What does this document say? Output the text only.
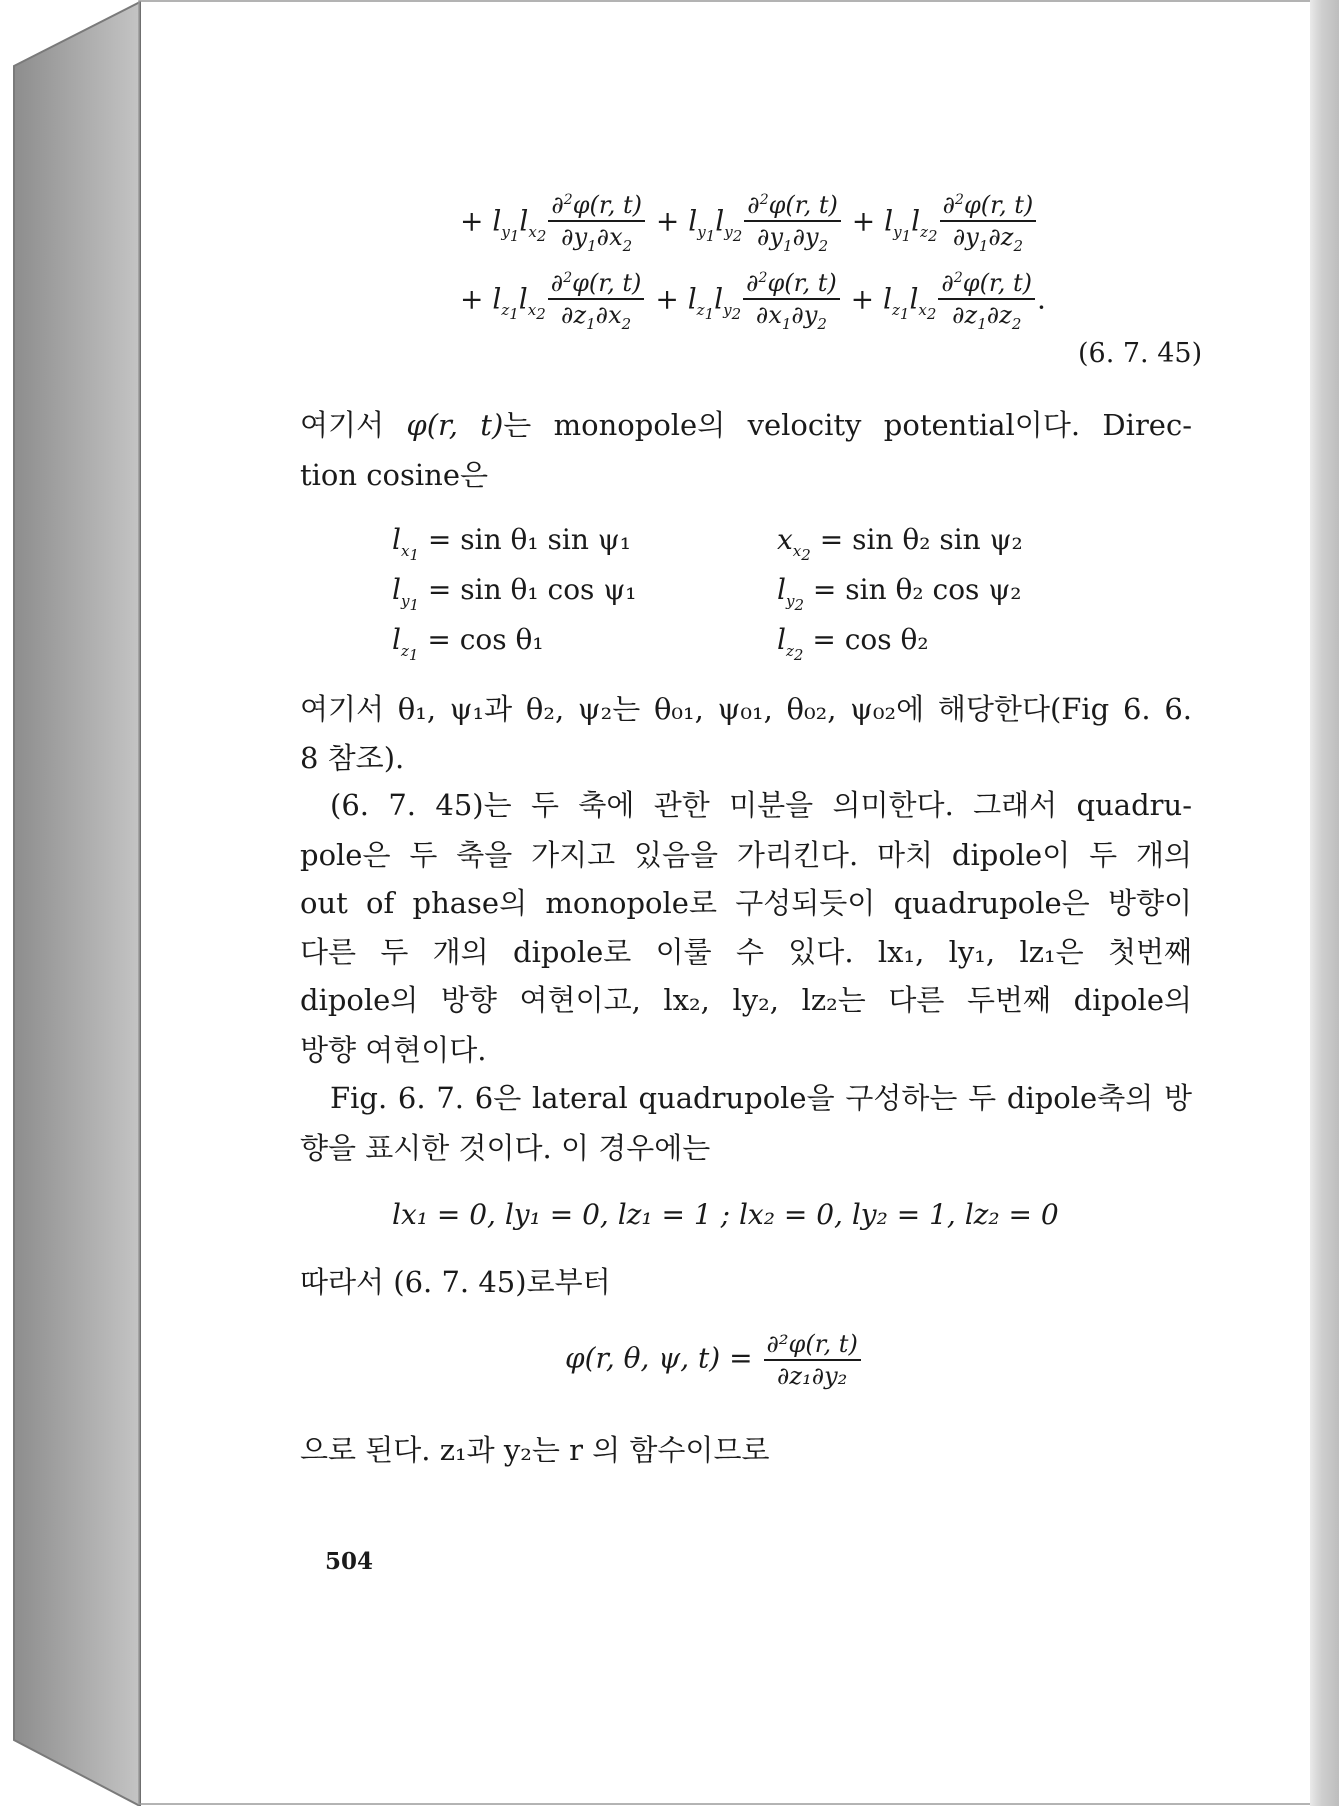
+ $l_{y_1}l_{x_2} \frac{\partial^2\varphi(r, t)}{\partial y_1\partial x_2} + l_{y_1}l_{y_2} \frac{\partial^2\varphi(r, t)}{\partial y_1\partial y_2} + l_{y_1}l_{z_2} \frac{\partial^2\varphi(r, t)}{\partial y_1\partial z_2}$
+ $l_{z_1}l_{x_2} \frac{\partial^2\varphi(r, t)}{\partial z_1\partial x_2} + l_{z_1}l_{y_2} \frac{\partial^2\varphi(r, t)}{\partial x_1\partial y_2} + l_{z_1}l_{x_2} \frac{\partial^2\varphi(r, t)}{\partial z_1\partial z_2}$ .
(6. 7. 45)
여기서 φ(r, t)는 monopole의 velocity potential이다. Direc-
tion cosine은
$l_{x_1} = \sin \theta_1$ sin ψ₁	$x_{x_2} = \sin \theta_2$ sin ψ₂
$l_{y_1} = \sin \theta_1$ cos ψ₁	$l_{y_2} = \sin \theta_2$ cos ψ₂
$l_{z_1} = \cos \theta_1$	$l_{z_2} = \cos \theta_2$
여기서 θ₁, ψ₁과 θ₂, ψ₂는 θ₀₁, ψ₀₁, θ₀₂, ψ₀₂에 해당한다(Fig 6. 6.
8 참조).
(6. 7. 45)는 두 축에 관한 미분을 의미한다. 그래서 quadru-
pole은 두 축을 가지고 있음을 가리킨다. 마치 dipole이 두 개의
out of phase의 monopole로 구성되듯이 quadrupole은 방향이
다른 두 개의 dipole로 이룰 수 있다. lx₁, ly₁, lz₁은 첫번째
dipole의 방향 여현이고, lx₂, ly₂, lz₂는 다른 두번째 dipole의
방향 여현이다.
Fig. 6. 7. 6은 lateral quadrupole을 구성하는 두 dipole축의 방
향을 표시한 것이다. 이 경우에는
lx₁ = 0, ly₁ = 0, lz₁ = 1 ; lx₂ = 0, ly₂ = 1, lz₂ = 0
따라서 (6. 7. 45)로부터
φ(r, θ, ψ, $t) = \frac{\text{∂²φ(r, t)}}{\text{∂z₁∂y₂}}$
으로 된다. z₁과 y₂는 r 의 함수이므로
504
